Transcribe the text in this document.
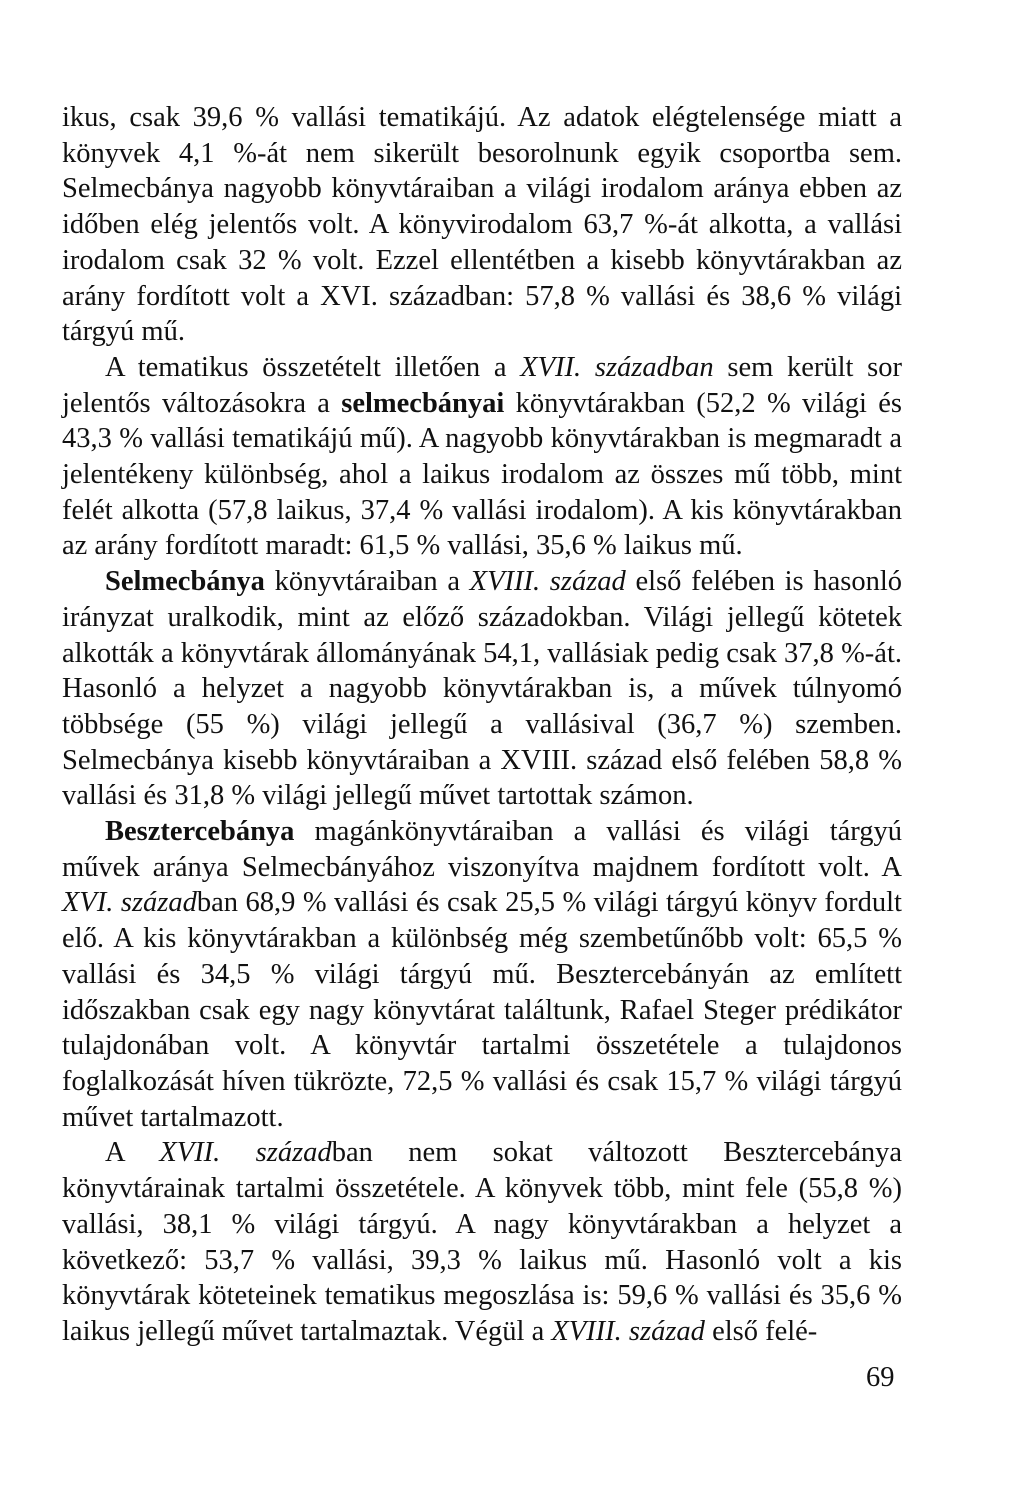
ikus, csak 39,6 % vallási tematikájú. Az adatok elégtelensége miatt a könyvek 4,1 %-át nem sikerült besorolnunk egyik csoportba sem. Selmecbánya nagyobb könyvtáraiban a világi irodalom aránya ebben az időben elég jelentős volt. A könyvirodalom 63,7 %-át alkotta, a vallási irodalom csak 32 % volt. Ezzel ellentétben a kisebb könyvtárakban az arány fordított volt a XVI. században: 57,8 % vallási és 38,6 % világi tárgyú mű.

A tematikus összetételt illetően a XVII. században sem került sor jelentős változásokra a selmecbányai könyvtárakban (52,2 % világi és 43,3 % vallási tematikájú mű). A nagyobb könyvtárakban is megmaradt a jelentékeny különbség, ahol a laikus irodalom az összes mű több, mint felét alkotta (57,8 laikus, 37,4 % vallási irodalom). A kis könyvtárakban az arány fordított maradt: 61,5 % vallási, 35,6 % laikus mű.

Selmecbánya könyvtáraiban a XVIII. század első felében is hasonló irányzat uralkodik, mint az előző századokban. Világi jellegű kötetek alkották a könyvtárak állományának 54,1, vallásiak pedig csak 37,8 %-át. Hasonló a helyzet a nagyobb könyvtárakban is, a művek túlnyomó többsége (55 %) világi jellegű a vallásival (36,7 %) szemben. Selmecbánya kisebb könyvtáraiban a XVIII. század első felében 58,8 % vallási és 31,8 % világi jellegű művet tartottak számon.

Besztercebánya magánkönyvtáraiban a vallási és világi tárgyú művek aránya Selmecbányához viszonyítva majdnem fordított volt. A XVI. században 68,9 % vallási és csak 25,5 % világi tárgyú könyv fordult elő. A kis könyvtárakban a különbség még szembetűnőbb volt: 65,5 % vallási és 34,5 % világi tárgyú mű. Besztercebányán az említett időszakban csak egy nagy könyvtárat találtunk, Rafael Steger prédikátor tulajdonában volt. A könyvtár tartalmi összetétele a tulajdonos foglalkozását híven tükrözte, 72,5 % vallási és csak 15,7 % világi tárgyú művet tartalmazott.

A XVII. században nem sokat változott Besztercebánya könyvtárainak tartalmi összetétele. A könyvek több, mint fele (55,8 %) vallási, 38,1 % világi tárgyú. A nagy könyvtárakban a helyzet a következő: 53,7 % vallási, 39,3 % laikus mű. Hasonló volt a kis könyvtárak köteteinek tematikus megoszlása is: 59,6 % vallási és 35,6 % laikus jellegű művet tartalmaztak. Végül a XVIII. század első felé-

69
